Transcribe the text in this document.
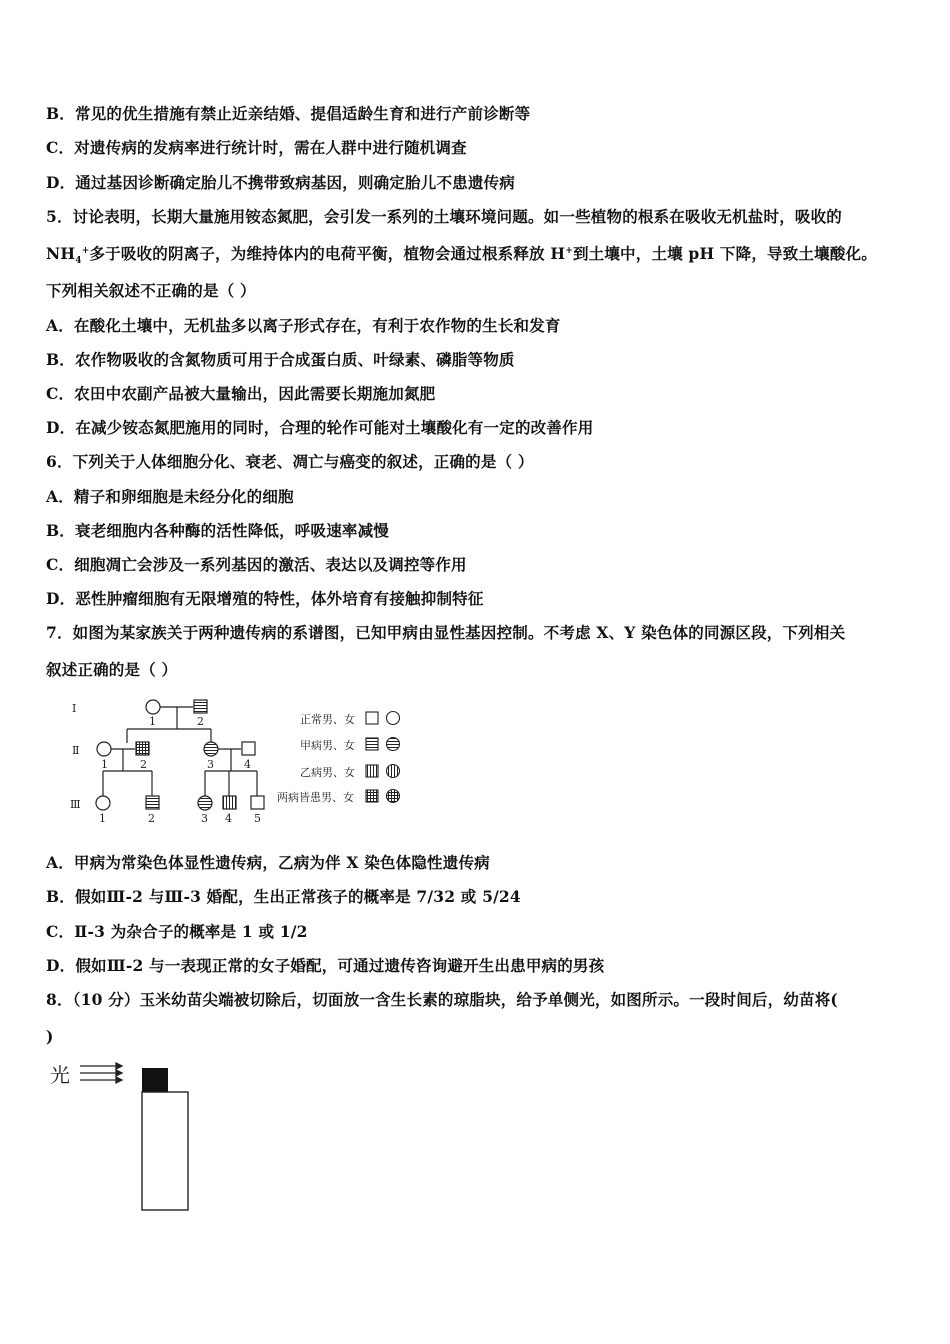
B．常见的优生措施有禁止近亲结婚、提倡适龄生育和进行产前诊断等
C．对遗传病的发病率进行统计时，需在人群中进行随机调查
D．通过基因诊断确定胎儿不携带致病基因，则确定胎儿不患遗传病
5．讨论表明，长期大量施用铵态氮肥，会引发一系列的土壤环境问题。如一些植物的根系在吸收无机盐时，吸收的
$NH_4^+$多于吸收的阴离子，为维持体内的电荷平衡，植物会通过根系释放 H+到土壤中，土壤 pH 下降，导致土壤酸化。
下列相关叙述不正确的是（ ）
A．在酸化土壤中，无机盐多以离子形式存在，有利于农作物的生长和发育
B．农作物吸收的含氮物质可用于合成蛋白质、叶绿素、磷脂等物质
C．农田中农副产品被大量输出，因此需要长期施加氮肥
D．在减少铵态氮肥施用的同时，合理的轮作可能对土壤酸化有一定的改善作用
6．下列关于人体细胞分化、衰老、凋亡与癌变的叙述，正确的是（ ）
A．精子和卵细胞是未经分化的细胞
B．衰老细胞内各种酶的活性降低，呼吸速率减慢
C．细胞凋亡会涉及一系列基因的激活、表达以及调控等作用
D．恶性肿瘤细胞有无限增殖的特性，体外培育有接触抑制特征
7．如图为某家族关于两种遗传病的系谱图，已知甲病由显性基因控制。不考虑 X、Y 染色体的同源区段，下列相关
叙述正确的是（ ）
Ⅰ
Ⅱ
Ⅲ
1	2
1	2	3	4
1	2	3 4 5
正常男、女
甲病男、女
乙病男、女
两病皆患男、女
A．甲病为常染色体显性遗传病，乙病为伴 X 染色体隐性遗传病
B．假如Ⅲ-2 与Ⅲ-3 婚配，生出正常孩子的概率是 7/32 或 5/24
C．Ⅱ-3 为杂合子的概率是 1 或 1/2
D．假如Ⅲ-2 与一表现正常的女子婚配，可通过遗传咨询避开生出患甲病的男孩
8．（10 分）玉米幼苗尖端被切除后，切面放一含生长素的琼脂块，给予单侧光，如图所示。一段时间后，幼苗将(
)
光
